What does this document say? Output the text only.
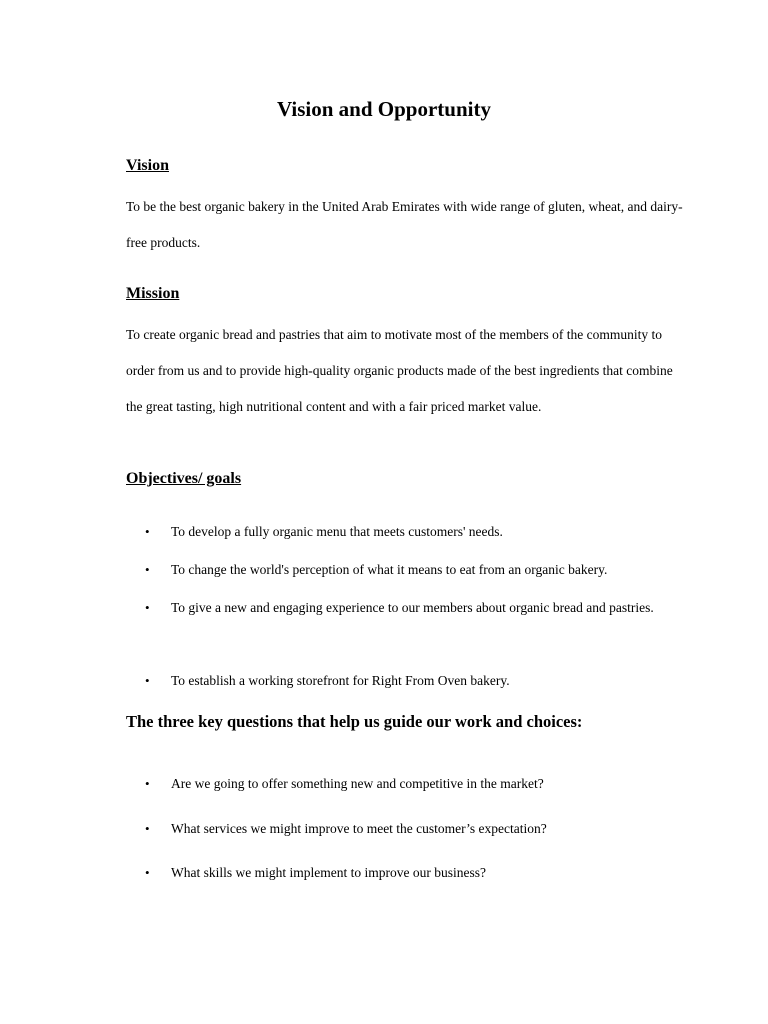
Vision and Opportunity
Vision
To be the best organic bakery in the United Arab Emirates with wide range of gluten, wheat, and dairy-free products.
Mission
To create organic bread and pastries that aim to motivate most of the members of the community to order from us and to provide high-quality organic products made of the best ingredients that combine the great tasting, high nutritional content and with a fair priced market value.
Objectives/ goals
• To develop a fully organic menu that meets customers' needs.
• To change the world's perception of what it means to eat from an organic bakery.
• To give a new and engaging experience to our members about organic bread and pastries.
• To establish a working storefront for Right From Oven bakery.
The three key questions that help us guide our work and choices:
• Are we going to offer something new and competitive in the market?
• What services we might improve to meet the customer’s expectation?
• What skills we might implement to improve our business?
